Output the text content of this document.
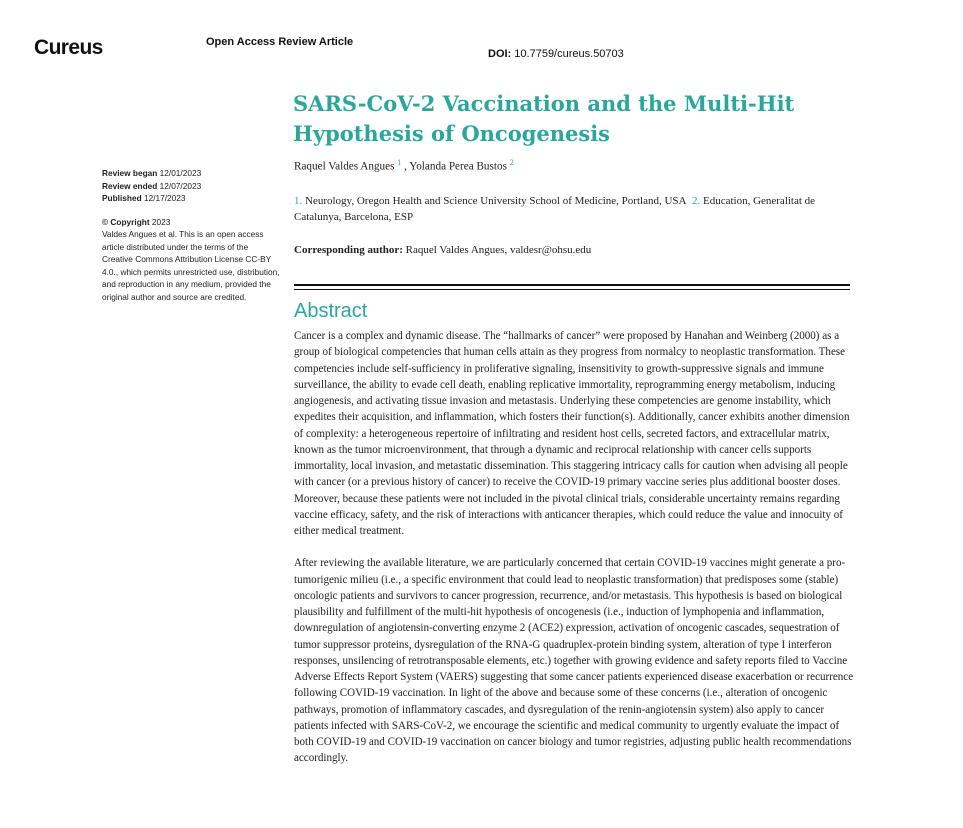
Cureus	Open Access Review Article
DOI: 10.7759/cureus.50703
Review began 12/01/2023
Review ended 12/07/2023
Published 12/17/2023
© Copyright 2023
Valdes Angues et al. This is an open access article distributed under the terms of the Creative Commons Attribution License CC-BY 4.0., which permits unrestricted use, distribution, and reproduction in any medium, provided the original author and source are credited.
SARS-CoV-2 Vaccination and the Multi-Hit Hypothesis of Oncogenesis
Raquel Valdes Angues $^1$ , Yolanda Perea Bustos $^2$
1. Neurology, Oregon Health and Science University School of Medicine, Portland, USA 2. Education, Generalitat de Catalunya, Barcelona, ESP
Corresponding author: Raquel Valdes Angues, valdesr@ohsu.edu
Abstract

Cancer is a complex and dynamic disease. The “hallmarks of cancer” were proposed by Hanahan and Weinberg (2000) as a group of biological competencies that human cells attain as they progress from normalcy to neoplastic transformation. These competencies include self-sufficiency in proliferative signaling, insensitivity to growth-suppressive signals and immune surveillance, the ability to evade cell death, enabling replicative immortality, reprogramming energy metabolism, inducing angiogenesis, and activating tissue invasion and metastasis. Underlying these competencies are genome instability, which expedites their acquisition, and inflammation, which fosters their function(s). Additionally, cancer exhibits another dimension of complexity: a heterogeneous repertoire of infiltrating and resident host cells, secreted factors, and extracellular matrix, known as the tumor microenvironment, that through a dynamic and reciprocal relationship with cancer cells supports immortality, local invasion, and metastatic dissemination. This staggering intricacy calls for caution when advising all people with cancer (or a previous history of cancer) to receive the COVID-19 primary vaccine series plus additional booster doses. Moreover, because these patients were not included in the pivotal clinical trials, considerable uncertainty remains regarding vaccine efficacy, safety, and the risk of interactions with anticancer therapies, which could reduce the value and innocuity of either medical treatment.

After reviewing the available literature, we are particularly concerned that certain COVID-19 vaccines might generate a pro-tumorigenic milieu (i.e., a specific environment that could lead to neoplastic transformation) that predisposes some (stable) oncologic patients and survivors to cancer progression, recurrence, and/or metastasis. This hypothesis is based on biological plausibility and fulfillment of the multi-hit hypothesis of oncogenesis (i.e., induction of lymphopenia and inflammation, downregulation of angiotensin-converting enzyme 2 (ACE2) expression, activation of oncogenic cascades, sequestration of tumor suppressor proteins, dysregulation of the RNA-G quadruplex-protein binding system, alteration of type I interferon responses, unsilencing of retrotransposable elements, etc.) together with growing evidence and safety reports filed to Vaccine Adverse Effects Report System (VAERS) suggesting that some cancer patients experienced disease exacerbation or recurrence following COVID-19 vaccination. In light of the above and because some of these concerns (i.e., alteration of oncogenic pathways, promotion of inflammatory cascades, and dysregulation of the renin-angiotensin system) also apply to cancer patients infected with SARS-CoV-2, we encourage the scientific and medical community to urgently evaluate the impact of both COVID-19 and COVID-19 vaccination on cancer biology and tumor registries, adjusting public health recommendations accordingly.
